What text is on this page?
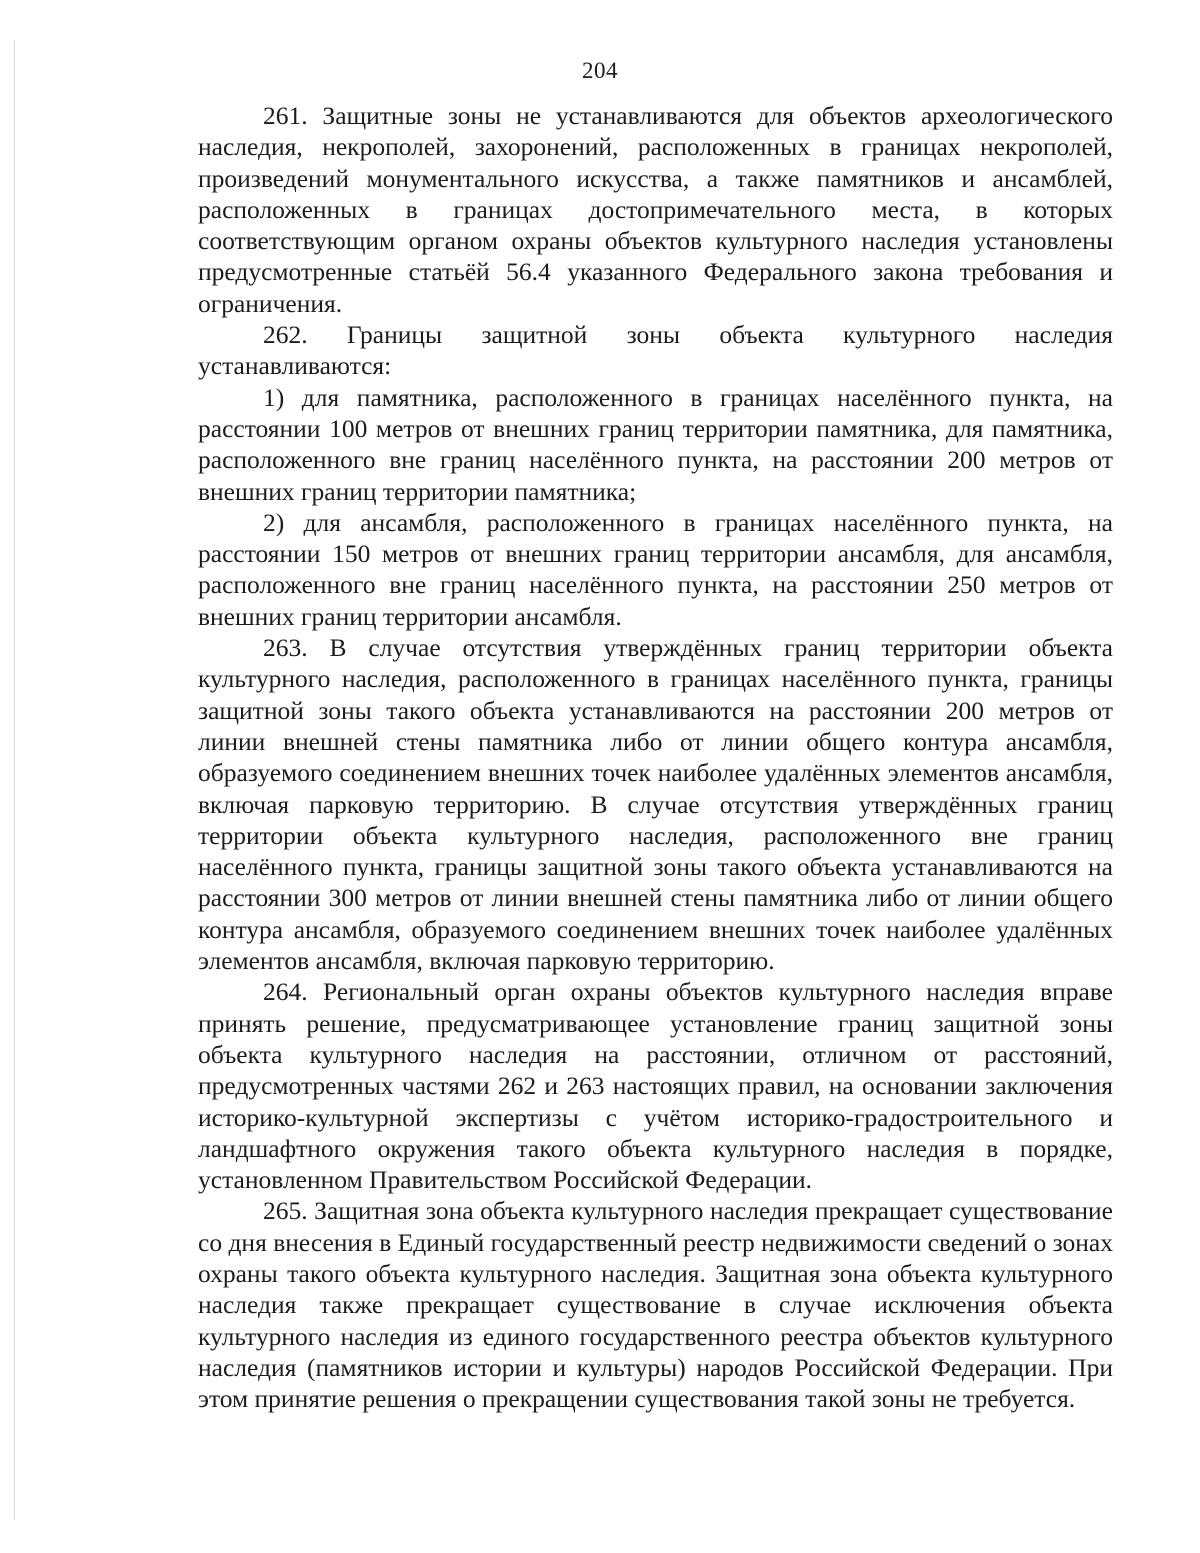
204

261. Защитные зоны не устанавливаются для объектов археологического наследия, некрополей, захоронений, расположенных в границах некрополей, произведений монументального искусства, а также памятников и ансамблей, расположенных в границах достопримечательного места, в которых соответствующим органом охраны объектов культурного наследия установлены предусмотренные статьёй 56.4 указанного Федерального закона требования и ограничения.

262. Границы защитной зоны объекта культурного наследия устанавливаются:

1) для памятника, расположенного в границах населённого пункта, на расстоянии 100 метров от внешних границ территории памятника, для памятника, расположенного вне границ населённого пункта, на расстоянии 200 метров от внешних границ территории памятника;

2) для ансамбля, расположенного в границах населённого пункта, на расстоянии 150 метров от внешних границ территории ансамбля, для ансамбля, расположенного вне границ населённого пункта, на расстоянии 250 метров от внешних границ территории ансамбля.

263. В случае отсутствия утверждённых границ территории объекта культурного наследия, расположенного в границах населённого пункта, границы защитной зоны такого объекта устанавливаются на расстоянии 200 метров от линии внешней стены памятника либо от линии общего контура ансамбля, образуемого соединением внешних точек наиболее удалённых элементов ансамбля, включая парковую территорию. В случае отсутствия утверждённых границ территории объекта культурного наследия, расположенного вне границ населённого пункта, границы защитной зоны такого объекта устанавливаются на расстоянии 300 метров от линии внешней стены памятника либо от линии общего контура ансамбля, образуемого соединением внешних точек наиболее удалённых элементов ансамбля, включая парковую территорию.

264. Региональный орган охраны объектов культурного наследия вправе принять решение, предусматривающее установление границ защитной зоны объекта культурного наследия на расстоянии, отличном от расстояний, предусмотренных частями 262 и 263 настоящих правил, на основании заключения историко-культурной экспертизы с учётом историко-градостроительного и ландшафтного окружения такого объекта культурного наследия в порядке, установленном Правительством Российской Федерации.

265. Защитная зона объекта культурного наследия прекращает существование со дня внесения в Единый государственный реестр недвижимости сведений о зонах охраны такого объекта культурного наследия. Защитная зона объекта культурного наследия также прекращает существование в случае исключения объекта культурного наследия из единого государственного реестра объектов культурного наследия (памятников истории и культуры) народов Российской Федерации. При этом принятие решения о прекращении существования такой зоны не требуется.
